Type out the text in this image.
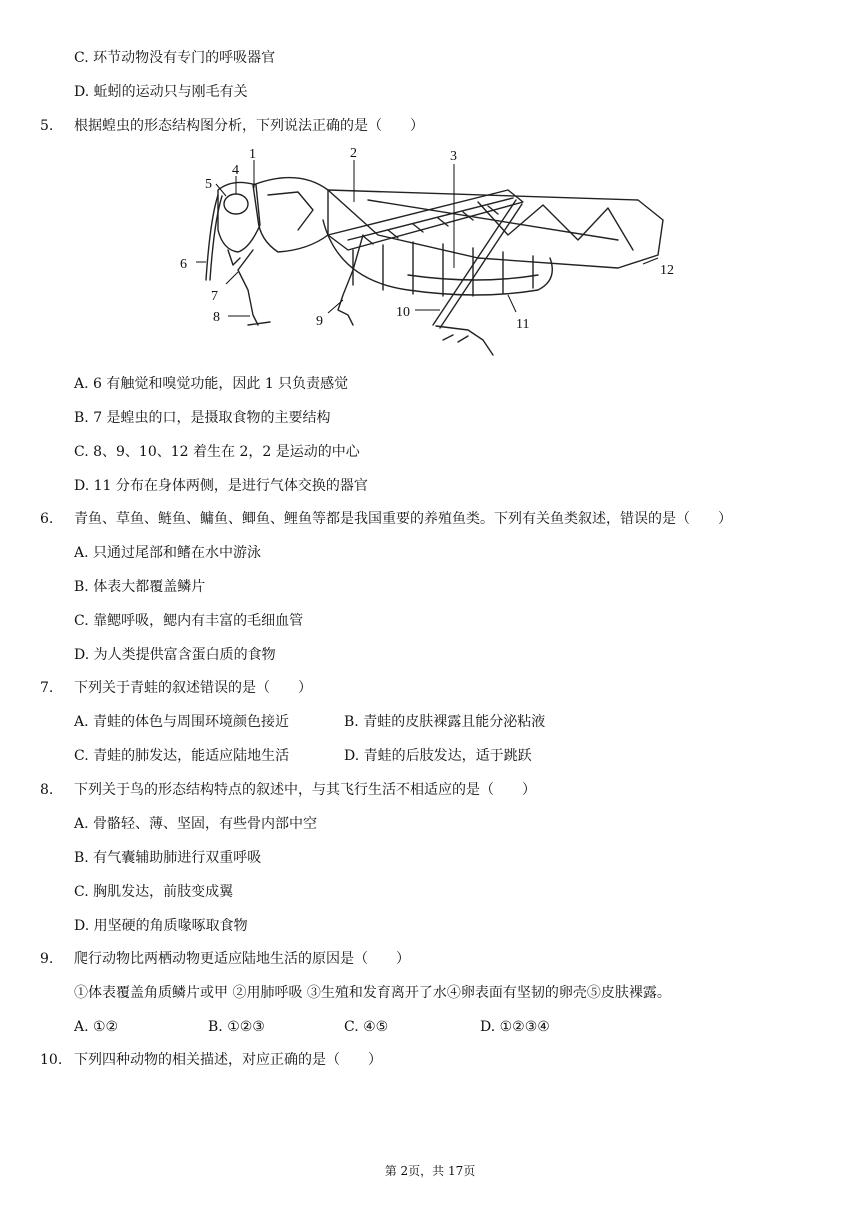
C. 环节动物没有专门的呼吸器官
D. 蚯蚓的运动只与刚毛有关
5. 根据蝗虫的形态结构图分析，下列说法正确的是（　　）
1	2	3
4
5
6
7
8	9
10
11
12
A. 6 有触觉和嗅觉功能，因此 1 只负责感觉
B. 7 是蝗虫的口，是摄取食物的主要结构
C. 8、9、10、12 着生在 2，2 是运动的中心
D. 11 分布在身体两侧，是进行气体交换的器官
6. 青鱼、草鱼、鲢鱼、鳙鱼、鲫鱼、鲤鱼等都是我国重要的养殖鱼类。下列有关鱼类叙述，错误的是（　　）
A. 只通过尾部和鳍在水中游泳
B. 体表大都覆盖鳞片
C. 靠鳃呼吸，鳃内有丰富的毛细血管
D. 为人类提供富含蛋白质的食物
7. 下列关于青蛙的叙述错误的是（　　）
A. 青蛙的体色与周围环境颜色接近	B. 青蛙的皮肤裸露且能分泌粘液
C. 青蛙的肺发达，能适应陆地生活	D. 青蛙的后肢发达，适于跳跃
8. 下列关于鸟的形态结构特点的叙述中，与其飞行生活不相适应的是（　　）
A. 骨骼轻、薄、坚固，有些骨内部中空
B. 有气囊辅助肺进行双重呼吸
C. 胸肌发达，前肢变成翼
D. 用坚硬的角质喙啄取食物
9. 爬行动物比两栖动物更适应陆地生活的原因是（　　）
①体表覆盖角质鳞片或甲 ②用肺呼吸 ③生殖和发育离开了水④卵表面有坚韧的卵壳⑤皮肤裸露。
A. ①②	B. ①②③	C. ④⑤	D. ①②③④
10. 下列四种动物的相关描述，对应正确的是（　　）
第 2页，共 17页
